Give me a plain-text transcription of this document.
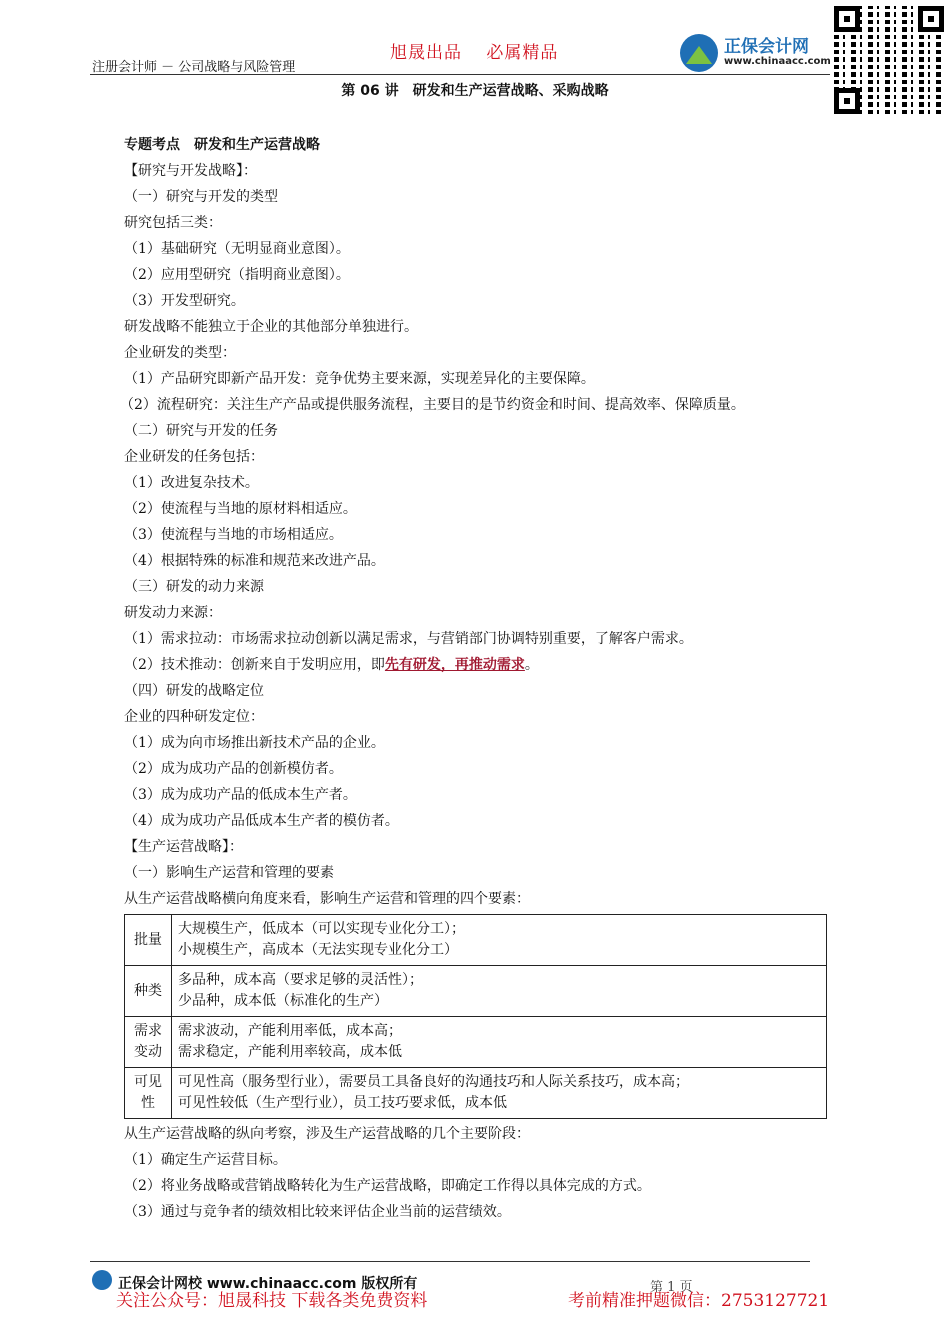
注册会计师 － 公司战略与风险管理
旭晟出品 必属精品	正保会计网
www.chinaacc.com
第 06 讲　研发和生产运营战略、采购战略
专题考点　研发和生产运营战略
【研究与开发战略】：
（一）研究与开发的类型
研究包括三类：
（1）基础研究（无明显商业意图）。
（2）应用型研究（指明商业意图）。
（3）开发型研究。
研发战略不能独立于企业的其他部分单独进行。
企业研发的类型：
（1）产品研究即新产品开发：竞争优势主要来源，实现差异化的主要保障。
（2）流程研究：关注生产产品或提供服务流程，主要目的是节约资金和时间、提高效率、保障质量。
（二）研究与开发的任务
企业研发的任务包括：
（1）改进复杂技术。
（2）使流程与当地的原材料相适应。
（3）使流程与当地的市场相适应。
（4）根据特殊的标准和规范来改进产品。
（三）研发的动力来源
研发动力来源：
（1）需求拉动：市场需求拉动创新以满足需求，与营销部门协调特别重要，了解客户需求。
（2）技术推动：创新来自于发明应用，即先有研发，再推动需求。
（四）研发的战略定位
企业的四种研发定位：
（1）成为向市场推出新技术产品的企业。
（2）成为成功产品的创新模仿者。
（3）成为成功产品的低成本生产者。
（4）成为成功产品低成本生产者的模仿者。
【生产运营战略】：
（一）影响生产运营和管理的要素
从生产运营战略横向角度来看，影响生产运营和管理的四个要素：
批量	大规模生产，低成本（可以实现专业化分工）；
小规模生产，高成本（无法实现专业化分工）

种类	多品种，成本高（要求足够的灵活性）；
少品种，成本低（标准化的生产）

需求变动	需求波动，产能利用率低，成本高；
需求稳定，产能利用率较高，成本低

可见性	可见性高（服务型行业），需要员工具备良好的沟通技巧和人际关系技巧，成本高；
可见性较低（生产型行业），员工技巧要求低，成本低
从生产运营战略的纵向考察，涉及生产运营战略的几个主要阶段：
（1）确定生产运营目标。
（2）将业务战略或营销战略转化为生产运营战略，即确定工作得以具体完成的方式。
（3）通过与竞争者的绩效相比较来评估企业当前的运营绩效。
正保会计网校 www.chinaacc.com 版权所有	第 1 页
关注公众号：旭晟科技 下载各类免费资料	考前精准押题微信：2753127721
